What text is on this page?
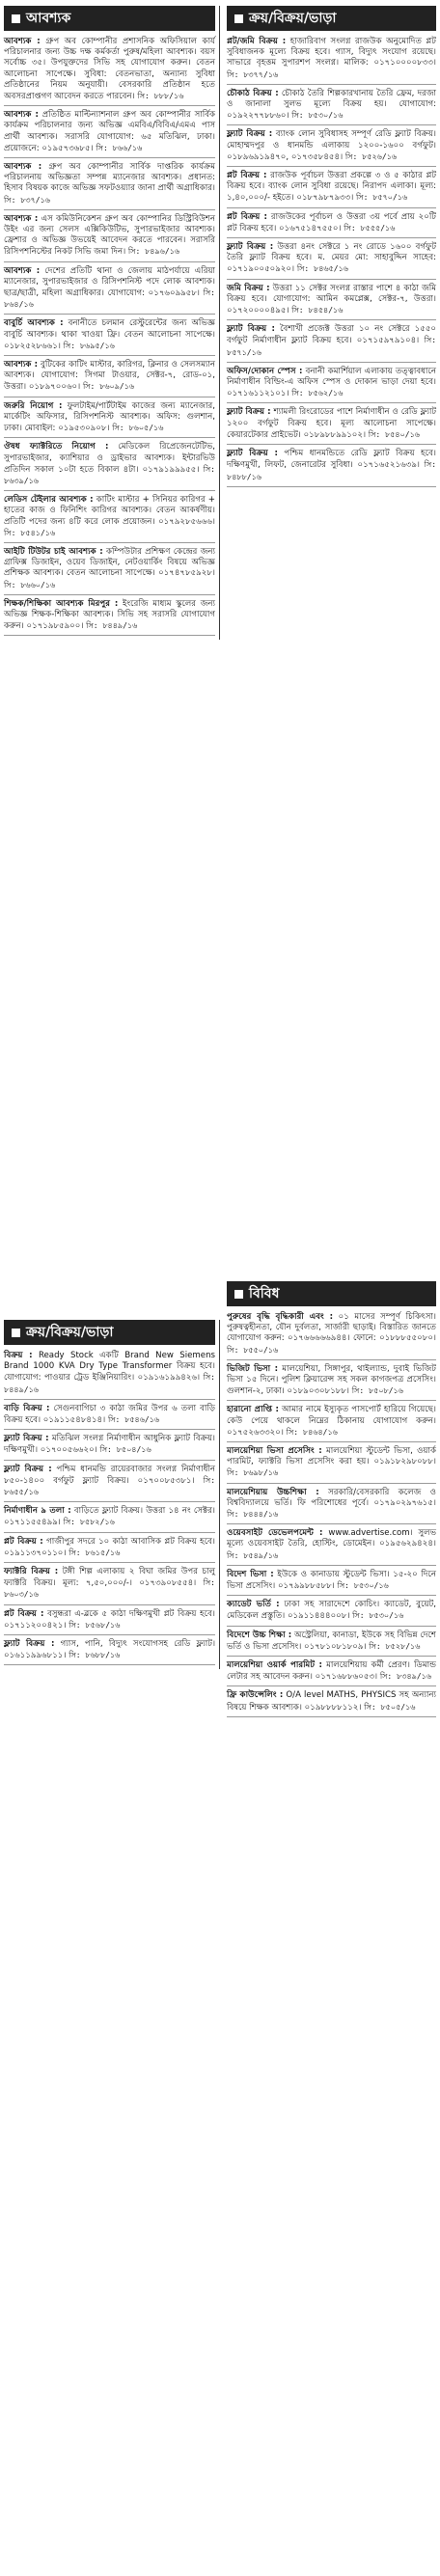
আবশ্যক
আবশ্যক : গ্রুপ অব কোম্পানীর প্রশাসনিক অফিসিয়াল কার্য পরিচালনার জন্য উচ্চ দক্ষ কর্মকর্তা পুরুষ/মহিলা আবশ্যক। বয়স সর্বোচ্চ ৩৫। উপযুক্তদের সিভি সহ যোগাযোগ করুন। বেতন আলোচনা সাপেক্ষে। সুবিধা: বেতনভাতা, অন্যান্য সুবিধা প্রতিষ্ঠানের নিয়ম অনুযায়ী। বেসরকারি প্রতিষ্ঠান হতে অবসরপ্রাপ্তগণ আবেদন করতে পারবেন। সি: ৮৮৮/১৬
আবশ্যক : প্রতিষ্ঠিত মাল্টিন্যাশনাল গ্রুপ অব কোম্পানীর সার্বিক কার্যক্রম পরিচালনার জন্য অভিজ্ঞ এমবিএ/বিবিএ/এমএ পাস প্রার্থী আবশ্যক। সরাসরি যোগাযোগ: ৬৫ মতিঝিল, ঢাকা। প্রয়োজনে: ০১৯৫৭৩৬৮৫। সি: ৮৬৬/১৬
আবশ্যক : গ্রুপ অব কোম্পানীর সার্বিক দাপ্তরিক কার্যক্রম পরিচালনায় অভিজ্ঞতা সম্পন্ন ম্যানেজার আবশ্যক। প্রধানত: হিসাব বিষয়ক কাজে অভিজ্ঞ সফটওয়্যার জানা প্রার্থী অগ্রাধিকার। সি: ৮৩৭/১৬
আবশ্যক : এস কমিউনিকেশন গ্রুপ অব কোম্পানির ডিস্ট্রিবিউশন উইং এর জন্য সেলস এক্সিকিউটিভ, সুপারভাইজার আবশ্যক। ফ্রেশার ও অভিজ্ঞ উভয়েই আবেদন করতে পারবেন। সরাসরি রিসিপশনিস্টের নিকট সিভি জমা দিন। সি: ৮৪৯৬/১৬
আবশ্যক : দেশের প্রতিটি থানা ও জেলায় মাঠপর্যায়ে এরিয়া ম্যানেজার, সুপারভাইজার ও রিসিপশনিস্ট পদে লোক আবশ্যক। ছাত্র/ছাত্রী, মহিলা অগ্রাধিকার। যোগাযোগ: ০১৭৬০৯৯৫৮। সি: ৮৬৪/১৬
বাবুর্চি আবশ্যক : বনানীতে চলমান রেস্টুরেন্টের জন্য অভিজ্ঞ বাবুর্চি আবশ্যক। থাকা খাওয়া ফ্রি। বেতন আলোচনা সাপেক্ষে। ০১৮২৫২৮৬৬১। সি: ৮৬৯৫/১৬
আবশ্যক : বুটিকের কাটিং মাস্টার, কারিগর, ক্লিনার ও সেলসম্যান আবশ্যক। যোগাযোগ: সিগমা টাওয়ার, সেক্টর-৭, রোড-০১, উত্তরা। ০১৮৯৭০০৬০। সি: ৮৬০৯/১৬
জরুরি নিয়োগ : ফুলটাইম/পার্টটাইম কাজের জন্য ম্যানেজার, মার্কেটিং অফিসার, রিসিপশনিস্ট আবশ্যক। অফিস: গুলশান, ঢাকা। মোবাইল: ০১৯৫৩০৯০৮। সি: ৮৬০৫/১৬
ঔষধ ফ্যাক্টরিতে নিয়োগ : মেডিকেল রিপ্রেজেনটেটিভ, সুপারভাইজার, ক্যাশিয়ার ও ড্রাইভার আবশ্যক। ইন্টারভিউ প্রতিদিন সকাল ১০টা হতে বিকাল ৪টা। ০১৭৯১৯৯৯৫৫। সি: ৮৬৩৯/১৬
লেডিস টেইলার আবশ্যক : কাটিং মাস্টার + সিনিয়র কারিগর + হাতের কাজ ও ফিনিশিং কারিগর আবশ্যক। বেতন আকর্ষণীয়। প্রতিটি পদের জন্য ৪টি করে লোক প্রয়োজন। ০১৭৯২৮৫৬৬৬। সি: ৮৫৪১/১৬
আইটি টিউটর চাই আবশ্যক : কম্পিউটার প্রশিক্ষণ কেন্দ্রের জন্য গ্রাফিক্স ডিজাইন, ওয়েব ডিজাইন, নেটওয়ার্কিং বিষয়ে অভিজ্ঞ প্রশিক্ষক আবশ্যক। বেতন আলোচনা সাপেক্ষে। ০১৭৪৭৮৫৯২৮। সি: ৮৬৬০/১৬
শিক্ষক/শিক্ষিকা আবশ্যক মিরপুর : ইংরেজি মাধ্যম স্কুলের জন্য অভিজ্ঞ শিক্ষক-শিক্ষিকা আবশ্যক। সিভি সহ সরাসরি যোগাযোগ করুন। ০১৭১৯৮৫৯০০। সি: ৮৪৪৯/১৬
ক্রয়/বিক্রয়/ভাড়া
প্লট/জমি বিক্রয় : হাজারিবাগ সংলগ্ন রাজউক অনুমোদিত প্লট সুবিধাজনক মূল্যে বিক্রয় হবে। গ্যাস, বিদ্যুৎ সংযোগ রয়েছে। সাভারে বৃহত্তম সুপারশপ সংলগ্ন। মালিক: ০১৭১০০০০৮৩৩। সি: ৮৩৭৭/১৬
চৌকাঠ বিক্রয় : চৌকাঠ তৈরি শিল্পকারখানায় তৈরি ফ্রেম, দরজা ও জানালা সুলভ মূল্যে বিক্রয় হয়। যোগাযোগ: ০১৯২২৭৭৮৮৬০। সি: ৮৫৩০/১৬
ফ্ল্যাট বিক্রয় : ব্যাংক লোন সুবিধাসহ সম্পূর্ণ রেডি ফ্ল্যাট বিক্রয়। মোহাম্মদপুর ও ধানমন্ডি এলাকায় ১২০০-১৬০০ বর্গফুট। ০১৮৯৬৯১৯৪৭০, ০১৭৩৫৮৪৫৪। সি: ৮৫২৬/১৬
প্লট বিক্রয় : রাজউক পূর্বাচল উত্তরা প্রকল্পে ৩ ও ৫ কাঠার প্লট বিক্রয় হবে। ব্যাংক লোন সুবিধা রয়েছে। নিরাপদ এলাকা। মূল্য: ১,৪০,০০০/- হইতে। ০১৮৭৯৮৭৯৩৩। সি: ৮৫৭০/১৬
প্লট বিক্রয় : রাজউকের পূর্বাচল ও উত্তরা ৩য় পর্বে প্রায় ২০টি প্লট বিক্রয় হবে। ০১৬৭৫১৪৭৫৫০। সি: ৮৫৫৫/১৬
ফ্ল্যাট বিক্রয় : উত্তরা ৪নং সেক্টরে ১ নং রোডে ১৬০০ বর্গফুট তৈরি ফ্ল্যাট বিক্রয় হবে। ম. মেয়র মো: সাহাবুদ্দিন সাহেব: ০১৭১৯০০৫০৯২০। সি: ৮৪৬৫/১৬
জমি বিক্রয় : উত্তরা ১১ সেক্টর সংলগ্ন রাস্তার পাশে ৪ কাঠা জমি বিক্রয় হবে। যোগাযোগ: আমিন কমপ্লেক্স, সেক্টর-৭, উত্তরা। ০১৭২০০০০৪৯৫। সি: ৮৪৫৪/১৬
ফ্ল্যাট বিক্রয় : বৈশাখী প্রজেক্ট উত্তরা ১০ নং সেক্টরে ১৫৫০ বর্গফুট নির্মাণাধীন ফ্ল্যাট বিক্রয় হবে। ০১৭১৫৯৭৯১০৪। সি: ৮৫৭১/১৬
অফিস/দোকান স্পেস : বনানী কমার্শিয়াল এলাকায় তত্ত্বাবধানে নির্মাণাধীন বিল্ডিং-এ অফিস স্পেস ও দোকান ভাড়া দেয়া হবে। ০১৭১৬১১২১০১। সি: ৮৫৬২/১৬
ফ্ল্যাট বিক্রয় : শ্যামলী রিংরোডের পাশে নির্মাণাধীন ও রেডি ফ্ল্যাট ১২০০ বর্গফুট বিক্রয় হবে। মূল্য আলোচনা সাপেক্ষে। কেয়ারটেকার প্রাইভেট। ০১৮৯৮৮৯৯১০২। সি: ৮৫৪০/১৬
ফ্ল্যাট বিক্রয় : পশ্চিম ধানমন্ডিতে রেডি ফ্ল্যাট বিক্রয় হবে। দক্ষিণমুখী, লিফট, জেনারেটর সুবিধা। ০১৭১৬৫২১৬৩৯। সি: ৮৪৮৮/১৬
বিবিধ
পুরুষের বৃদ্ধি বৃদ্ধিকারী এবং : ০১ মাসের সম্পূর্ণ চিকিৎসা। পুরুষত্বহীনতা, যৌন দুর্বলতা, সার্জারী ছাড়াই। বিস্তারিত জানতে যোগাযোগ করুন: ০১৭৬৬৬৬৬৯৪৪। ফোনে: ০১৮৮৮৫৫০৮০। সি: ৮৫৫০/১৬
ভিজিট ভিসা : মালয়েশিয়া, সিঙ্গাপুর, থাইল্যান্ড, দুবাই ভিজিট ভিসা ১৫ দিনে। পুলিশ ক্লিয়ারেন্স সহ সকল কাগজপত্র প্রসেসিং। গুলশান-২, ঢাকা। ০১৮৯০৩০৮১৮৮। সি: ৮৫০৮/১৬
হারানো প্রাপ্তি : আমার নামে ইস্যুকৃত পাসপোর্ট হারিয়ে গিয়েছে। কেউ পেয়ে থাকলে নিম্নের ঠিকানায় যোগাযোগ করুন। ০১৭৫২৬৩৩২০। সি: ৮৪৬৪/১৬
মালয়েশিয়া ভিসা প্রসেসিং : মালয়েশিয়া স্টুডেন্ট ভিসা, ওয়ার্ক পারমিট, ফ্যাক্টরি ভিসা প্রসেসিং করা হয়। ০১৯১৮২৯৮০৮৮। সি: ৮৬৯৮/১৬
মালয়েশিয়ায় উচ্চশিক্ষা : সরকারি/বেসরকারি কলেজ ও বিশ্ববিদ্যালয়ে ভর্তি। ফি পরিশোধের পূর্বে। ০১৭৯০২৯৭৬১৫। সি: ৮৪৪৪/১৬
ওয়েবসাইট ডেভেলপমেন্ট : www.advertise.com। সুলভ মূল্যে ওয়েবসাইট তৈরি, হোস্টিং, ডোমেইন। ০১৯৫৬২৯৪২৪। সি: ৮৫৪৯/১৬
বিদেশ ভিসা : ইউকে ও কানাডায় স্টুডেন্ট ভিসা। ১৫-২০ দিনে ভিসা প্রসেসিং। ০১৭৯৯৮৮৫৮৮। সি: ৮৫৩০/১৬
ক্যাডেট ভর্তি : ঢাকা সহ সারাদেশে কোচিং। ক্যাডেট, বুয়েট, মেডিকেল প্রস্তুতি। ০১৯১১৪৪৪০০৮। সি: ৮৫৩০/১৬
বিদেশে উচ্চ শিক্ষা : অস্ট্রেলিয়া, কানাডা, ইউকে সহ বিভিন্ন দেশে ভর্তি ও ভিসা প্রসেসিং। ০১৭৮১০৮১৮০৯। সি: ৮৫২৮/১৬
মালয়েশিয়া ওয়ার্ক পারমিট : মালয়েশিয়ায় কর্মী প্রেরণ। ডিমান্ড লেটার সহ আবেদন করুন। ০১৭১৬৮৮৬০৫৩। সি: ৮৩৪৯/১৬
ফ্রি কাউন্সেলিং : O/A level MATHS, PHYSICS সহ অন্যান্য বিষয়ে শিক্ষক আবশ্যক। ০১৯৮৮৮৮১১২। সি: ৮৫০৫/১৬
ক্রয়/বিক্রয়/ভাড়া
বিক্রয় : Ready Stock একটি Brand New Siemens Brand 1000 KVA Dry Type Transformer বিক্রয় হবে। যোগাযোগ: পাওয়ার ট্রেড ইঞ্জিনিয়ারিং। ০১৯১৬১৯৯৪২৬। সি: ৮৪৪৯/১৬
বাড়ি বিক্রয় : সেগুনবাগিচা ৩ কাঠা জমির উপর ৬ তলা বাড়ি বিক্রয় হবে। ০১৯১১৫৪৮৪১৪। সি: ৮৫৪৬/১৬
ফ্ল্যাট বিক্রয় : মতিঝিল সংলগ্ন নির্মাণাধীন আধুনিক ফ্ল্যাট বিক্রয়। দক্ষিণমুখী। ০১৭০০৫৬৬২০। সি: ৮৫০৪/১৬
ফ্ল্যাট বিক্রয় : পশ্চিম ধানমন্ডি রায়েরবাজার সংলগ্ন নির্মাণাধীন ৮৫০-১৪০০ বর্গফুট ফ্ল্যাট বিক্রয়। ০১৭০০৮৫৩৮১। সি: ৮৬৫৫/১৬
নির্মাণাধীন ৯ তলা : বাড়িতে ফ্ল্যাট বিক্রয়। উত্তরা ১৪ নং সেক্টর। ০১৭১১৫৫৪৯৯। সি: ৮৫৮২/১৬
প্লট বিক্রয় : গাজীপুর সদরে ১০ কাঠা আবাসিক প্লট বিক্রয় হবে। ০১৯১১৩৭০১১০। সি: ৮৬১৫/১৬
ফ্যাক্টরি বিক্রয় : টঙ্গী শিল্প এলাকায় ২ বিঘা জমির উপর চালু ফ্যাক্টরি বিক্রয়। মূল্য: ৭,৫০,০০০/-। ০১৭৩৯০৮৫৫৪। সি: ৮৬০৩/১৬
প্লট বিক্রয় : বসুন্ধরা এ-ব্লকে ৫ কাঠা দক্ষিণমুখী প্লট বিক্রয় হবে। ০১৭১১২০০৪২১। সি: ৮৫৬৮/১৬
ফ্ল্যাট বিক্রয় : গ্যাস, পানি, বিদ্যুৎ সংযোগসহ রেডি ফ্ল্যাট। ০১৬১১৯৯৬৮১১। সি: ৮৬৮৮/১৬
